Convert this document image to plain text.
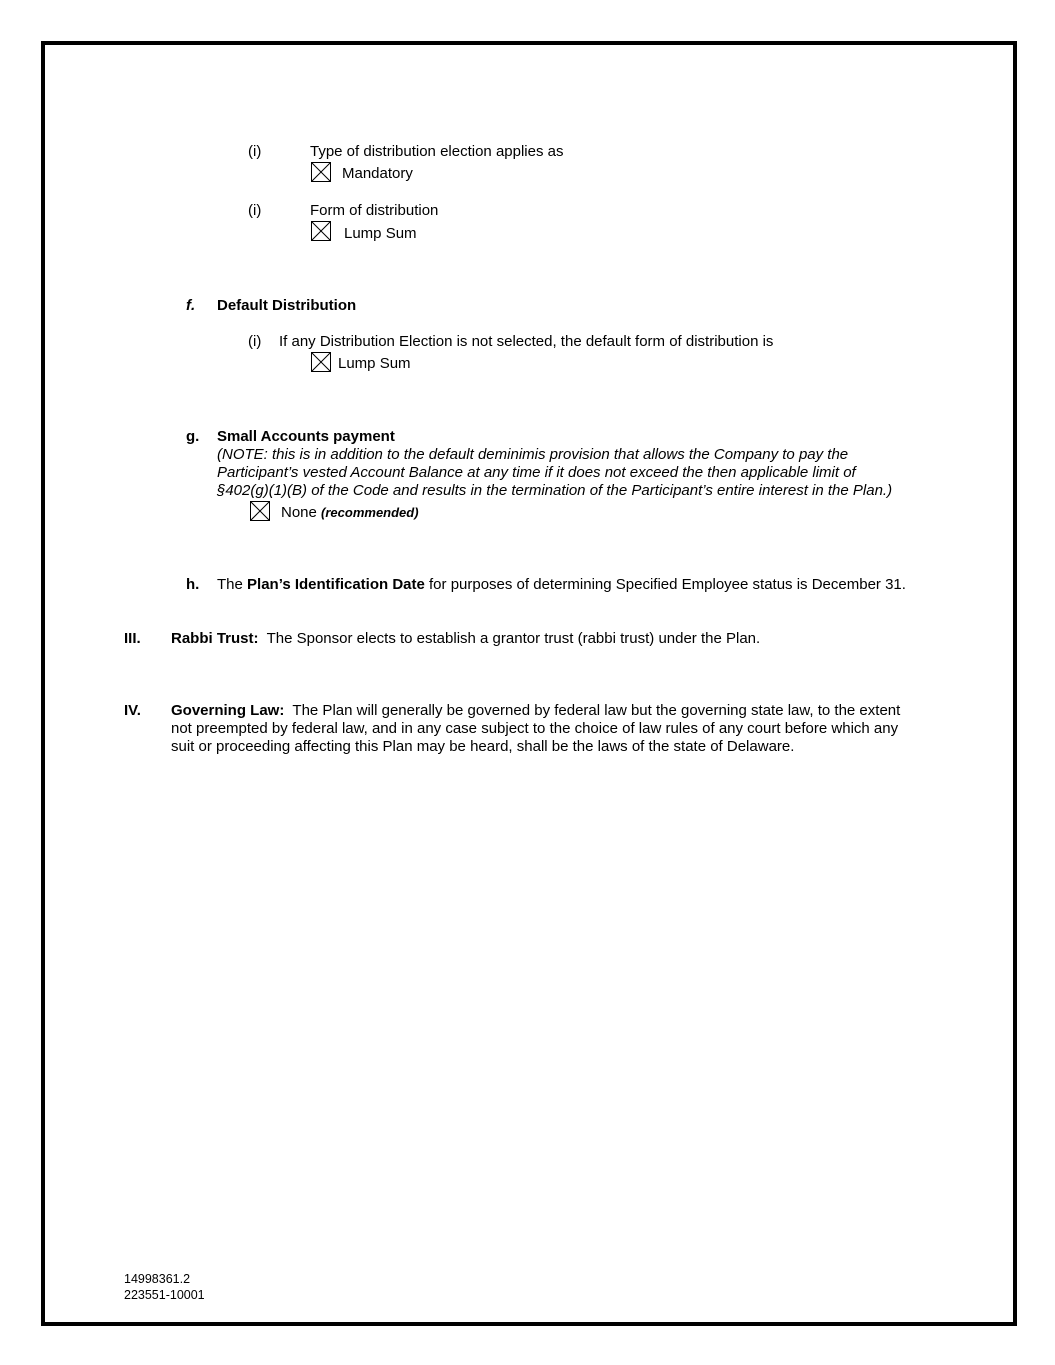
(i)	Type of distribution election applies as
Mandatory
(i)	Form of distribution
Lump Sum
f. Default Distribution
(i) If any Distribution Election is not selected, the default form of distribution is
Lump Sum
g. Small Accounts payment
(NOTE: this is in addition to the default deminimis provision that allows the Company to pay the
Participant’s vested Account Balance at any time if it does not exceed the then applicable limit of
§402(g)(1)(B) of the Code and results in the termination of the Participant’s entire interest in the Plan.)
None (recommended)
h. The Plan’s Identification Date for purposes of determining Specified Employee status is December 31.
III. Rabbi Trust: The Sponsor elects to establish a grantor trust (rabbi trust) under the Plan.
IV. Governing Law: The Plan will generally be governed by federal law but the governing state law, to the extent
not preempted by federal law, and in any case subject to the choice of law rules of any court before which any
suit or proceeding affecting this Plan may be heard, shall be the laws of the state of Delaware.
14998361.2
223551-10001
